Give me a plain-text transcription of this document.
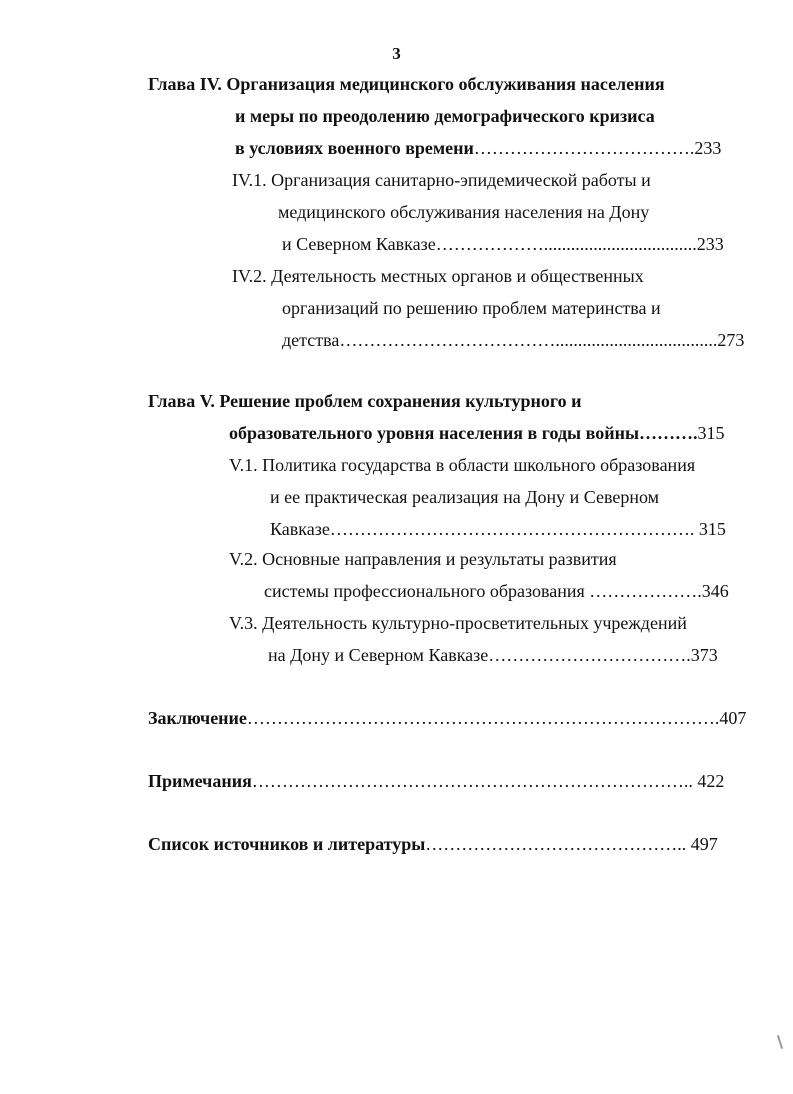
3
Глава IV. Организация медицинского обслуживания населения
и меры по преодолению демографического кризиса
в условиях военного времени……………………………….233
IV.1. Организация санитарно-эпидемической работы и
медицинского обслуживания населения на Дону
и Северном Кавказе………………..................................233
IV.2. Деятельность местных органов и общественных
организаций по решению проблем материнства и
детства………………………………....................................273
Глава V. Решение проблем сохранения культурного и
образовательного уровня населения в годы войны……….315
V.1. Политика государства в области школьного образования
и ее практическая реализация на Дону и Северном
Кавказе……………………………………………………. 315
V.2. Основные направления и результаты развития
системы профессионального образования ……………….346
V.3. Деятельность культурно-просветительных учреждений
на Дону и Северном Кавказе…………………………….373
Заключение…………………………………………………………………….407
Примечания……………………………………………………………….. 422
Список источников и литературы…………………………………….. 497
